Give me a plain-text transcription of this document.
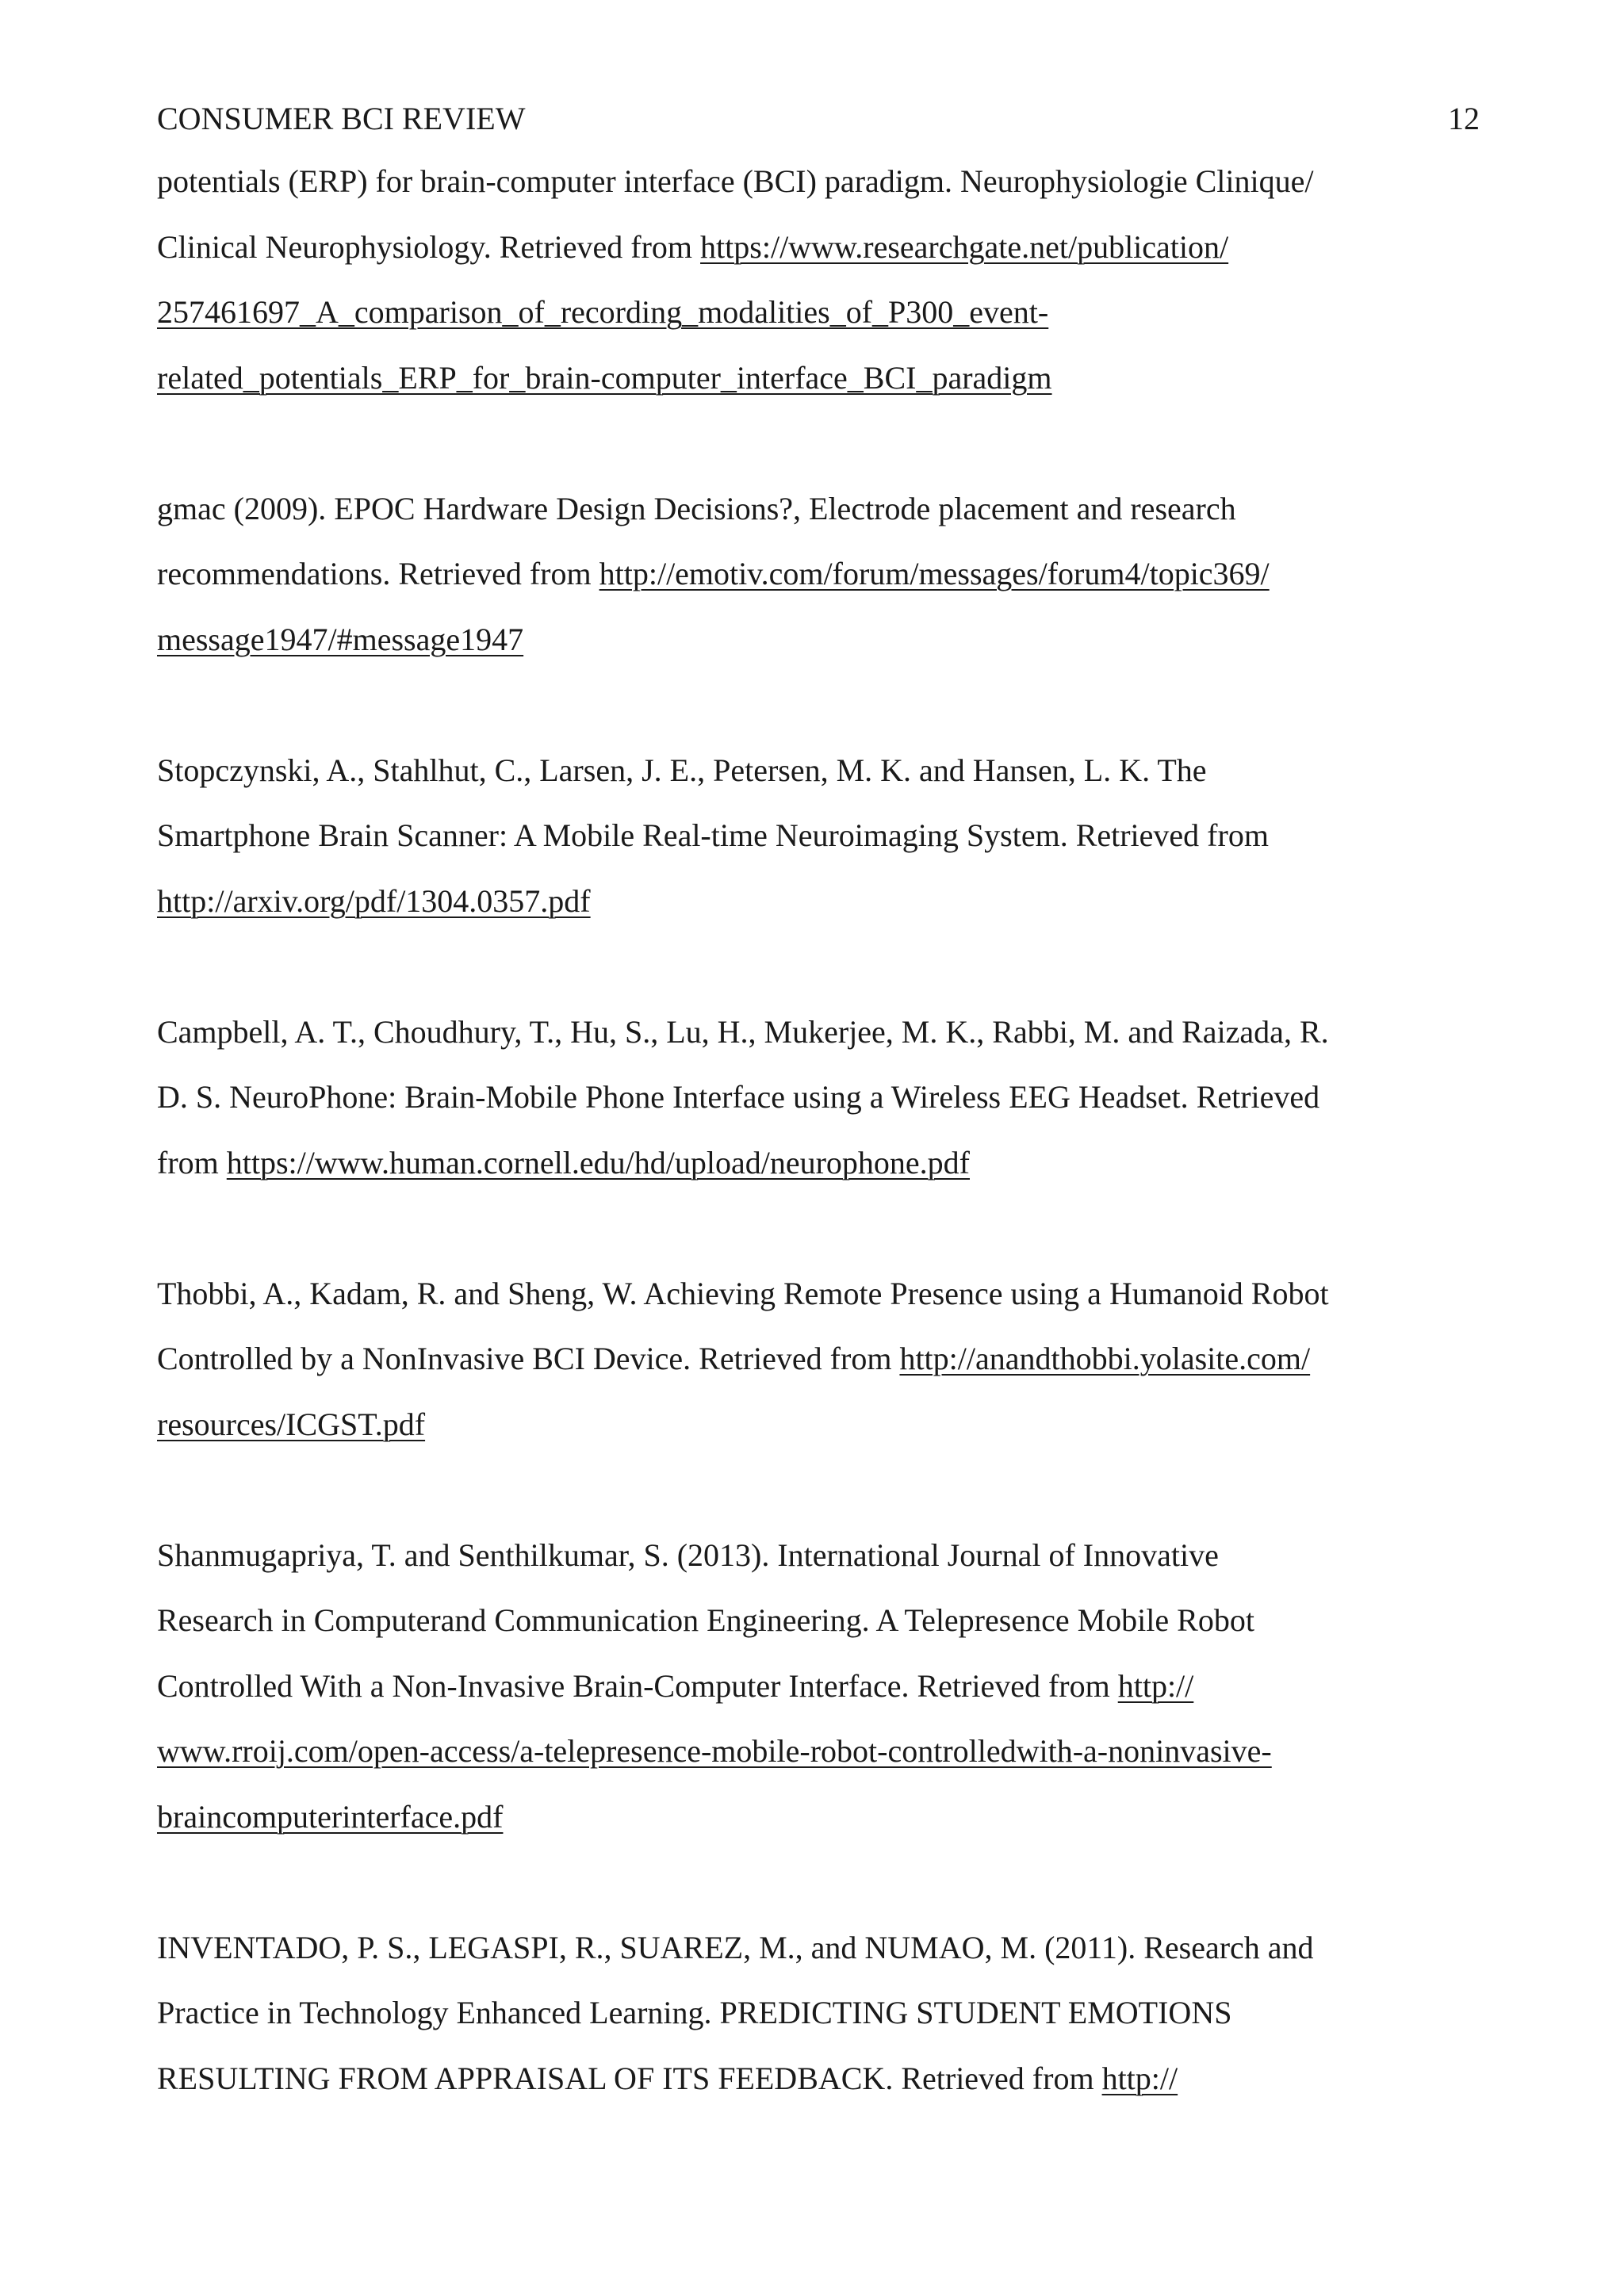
CONSUMER BCI REVIEW	12

potentials (ERP) for brain-computer interface (BCI) paradigm. Neurophysiologie Clinique/
Clinical Neurophysiology. Retrieved from https://www.researchgate.net/publication/
257461697_A_comparison_of_recording_modalities_of_P300_event-
related_potentials_ERP_for_brain-computer_interface_BCI_paradigm

gmac (2009). EPOC Hardware Design Decisions?, Electrode placement and research
recommendations. Retrieved from http://emotiv.com/forum/messages/forum4/topic369/
message1947/#message1947

Stopczynski, A., Stahlhut, C., Larsen, J. E., Petersen, M. K. and Hansen, L. K. The
Smartphone Brain Scanner: A Mobile Real-time Neuroimaging System. Retrieved from
http://arxiv.org/pdf/1304.0357.pdf

Campbell, A. T., Choudhury, T., Hu, S., Lu, H., Mukerjee, M. K., Rabbi, M. and Raizada, R.
D. S. NeuroPhone: Brain-Mobile Phone Interface using a Wireless EEG Headset. Retrieved
from https://www.human.cornell.edu/hd/upload/neurophone.pdf

Thobbi, A., Kadam, R. and Sheng, W. Achieving Remote Presence using a Humanoid Robot
Controlled by a NonInvasive BCI Device. Retrieved from http://anandthobbi.yolasite.com/
resources/ICGST.pdf

Shanmugapriya, T. and Senthilkumar, S. (2013). International Journal of Innovative
Research in Computerand Communication Engineering. A Telepresence Mobile Robot
Controlled With a Non-Invasive Brain-Computer Interface. Retrieved from http://
www.rroij.com/open-access/a-telepresence-mobile-robot-controlledwith-a-noninvasive-
braincomputerinterface.pdf

INVENTADO, P. S., LEGASPI, R., SUAREZ, M., and NUMAO, M. (2011). Research and
Practice in Technology Enhanced Learning. PREDICTING STUDENT EMOTIONS
RESULTING FROM APPRAISAL OF ITS FEEDBACK. Retrieved from http://
